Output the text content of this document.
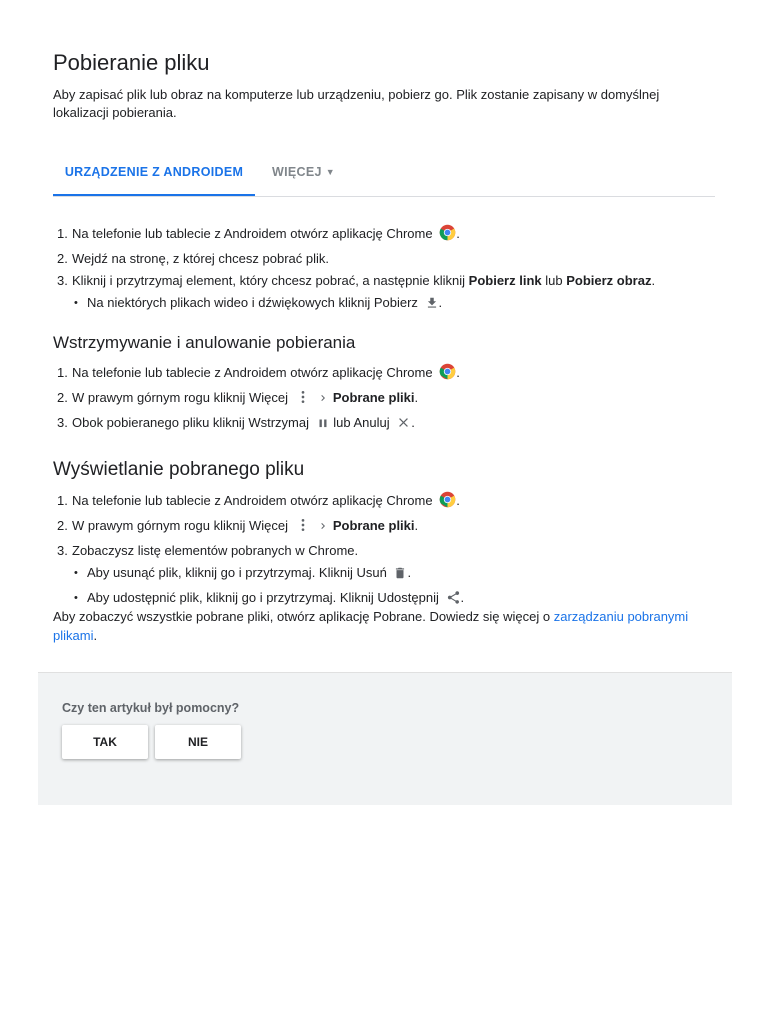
Pobieranie pliku

Aby zapisać plik lub obraz na komputerze lub urządzeniu, pobierz go. Plik zostanie zapisany w domyślnej lokalizacji pobierania.

URZĄDZENIE Z ANDROIDEM	WIĘCEJ ▼
1. Na telefonie lub tablecie z Androidem otwórz aplikację Chrome .
2. Wejdź na stronę, z której chcesz pobrać plik.
3. Kliknij i przytrzymaj element, który chcesz pobrać, a następnie kliknij Pobierz link lub Pobierz obraz.
• Na niektórych plikach wideo i dźwiękowych kliknij Pobierz .
Wstrzymywanie i anulowanie pobierania
1. Na telefonie lub tablecie z Androidem otwórz aplikację Chrome .
2. W prawym górnym rogu kliknij Więcej	Pobrane pliki.
3. Obok pobieranego pliku kliknij Wstrzymaj lub Anuluj .
Wyświetlanie pobranego pliku
1. Na telefonie lub tablecie z Androidem otwórz aplikację Chrome .
2. W prawym górnym rogu kliknij Więcej	Pobrane pliki.
3. Zobaczysz listę elementów pobranych w Chrome.
• Aby usunąć plik, kliknij go i przytrzymaj. Kliknij Usuń .
• Aby udostępnić plik, kliknij go i przytrzymaj. Kliknij Udostępnij .

Aby zobaczyć wszystkie pobrane pliki, otwórz aplikację Pobrane. Dowiedz się więcej o zarządzaniu pobranymi plikami.

Czy ten artykuł był pomocny?
TAK	NIE
